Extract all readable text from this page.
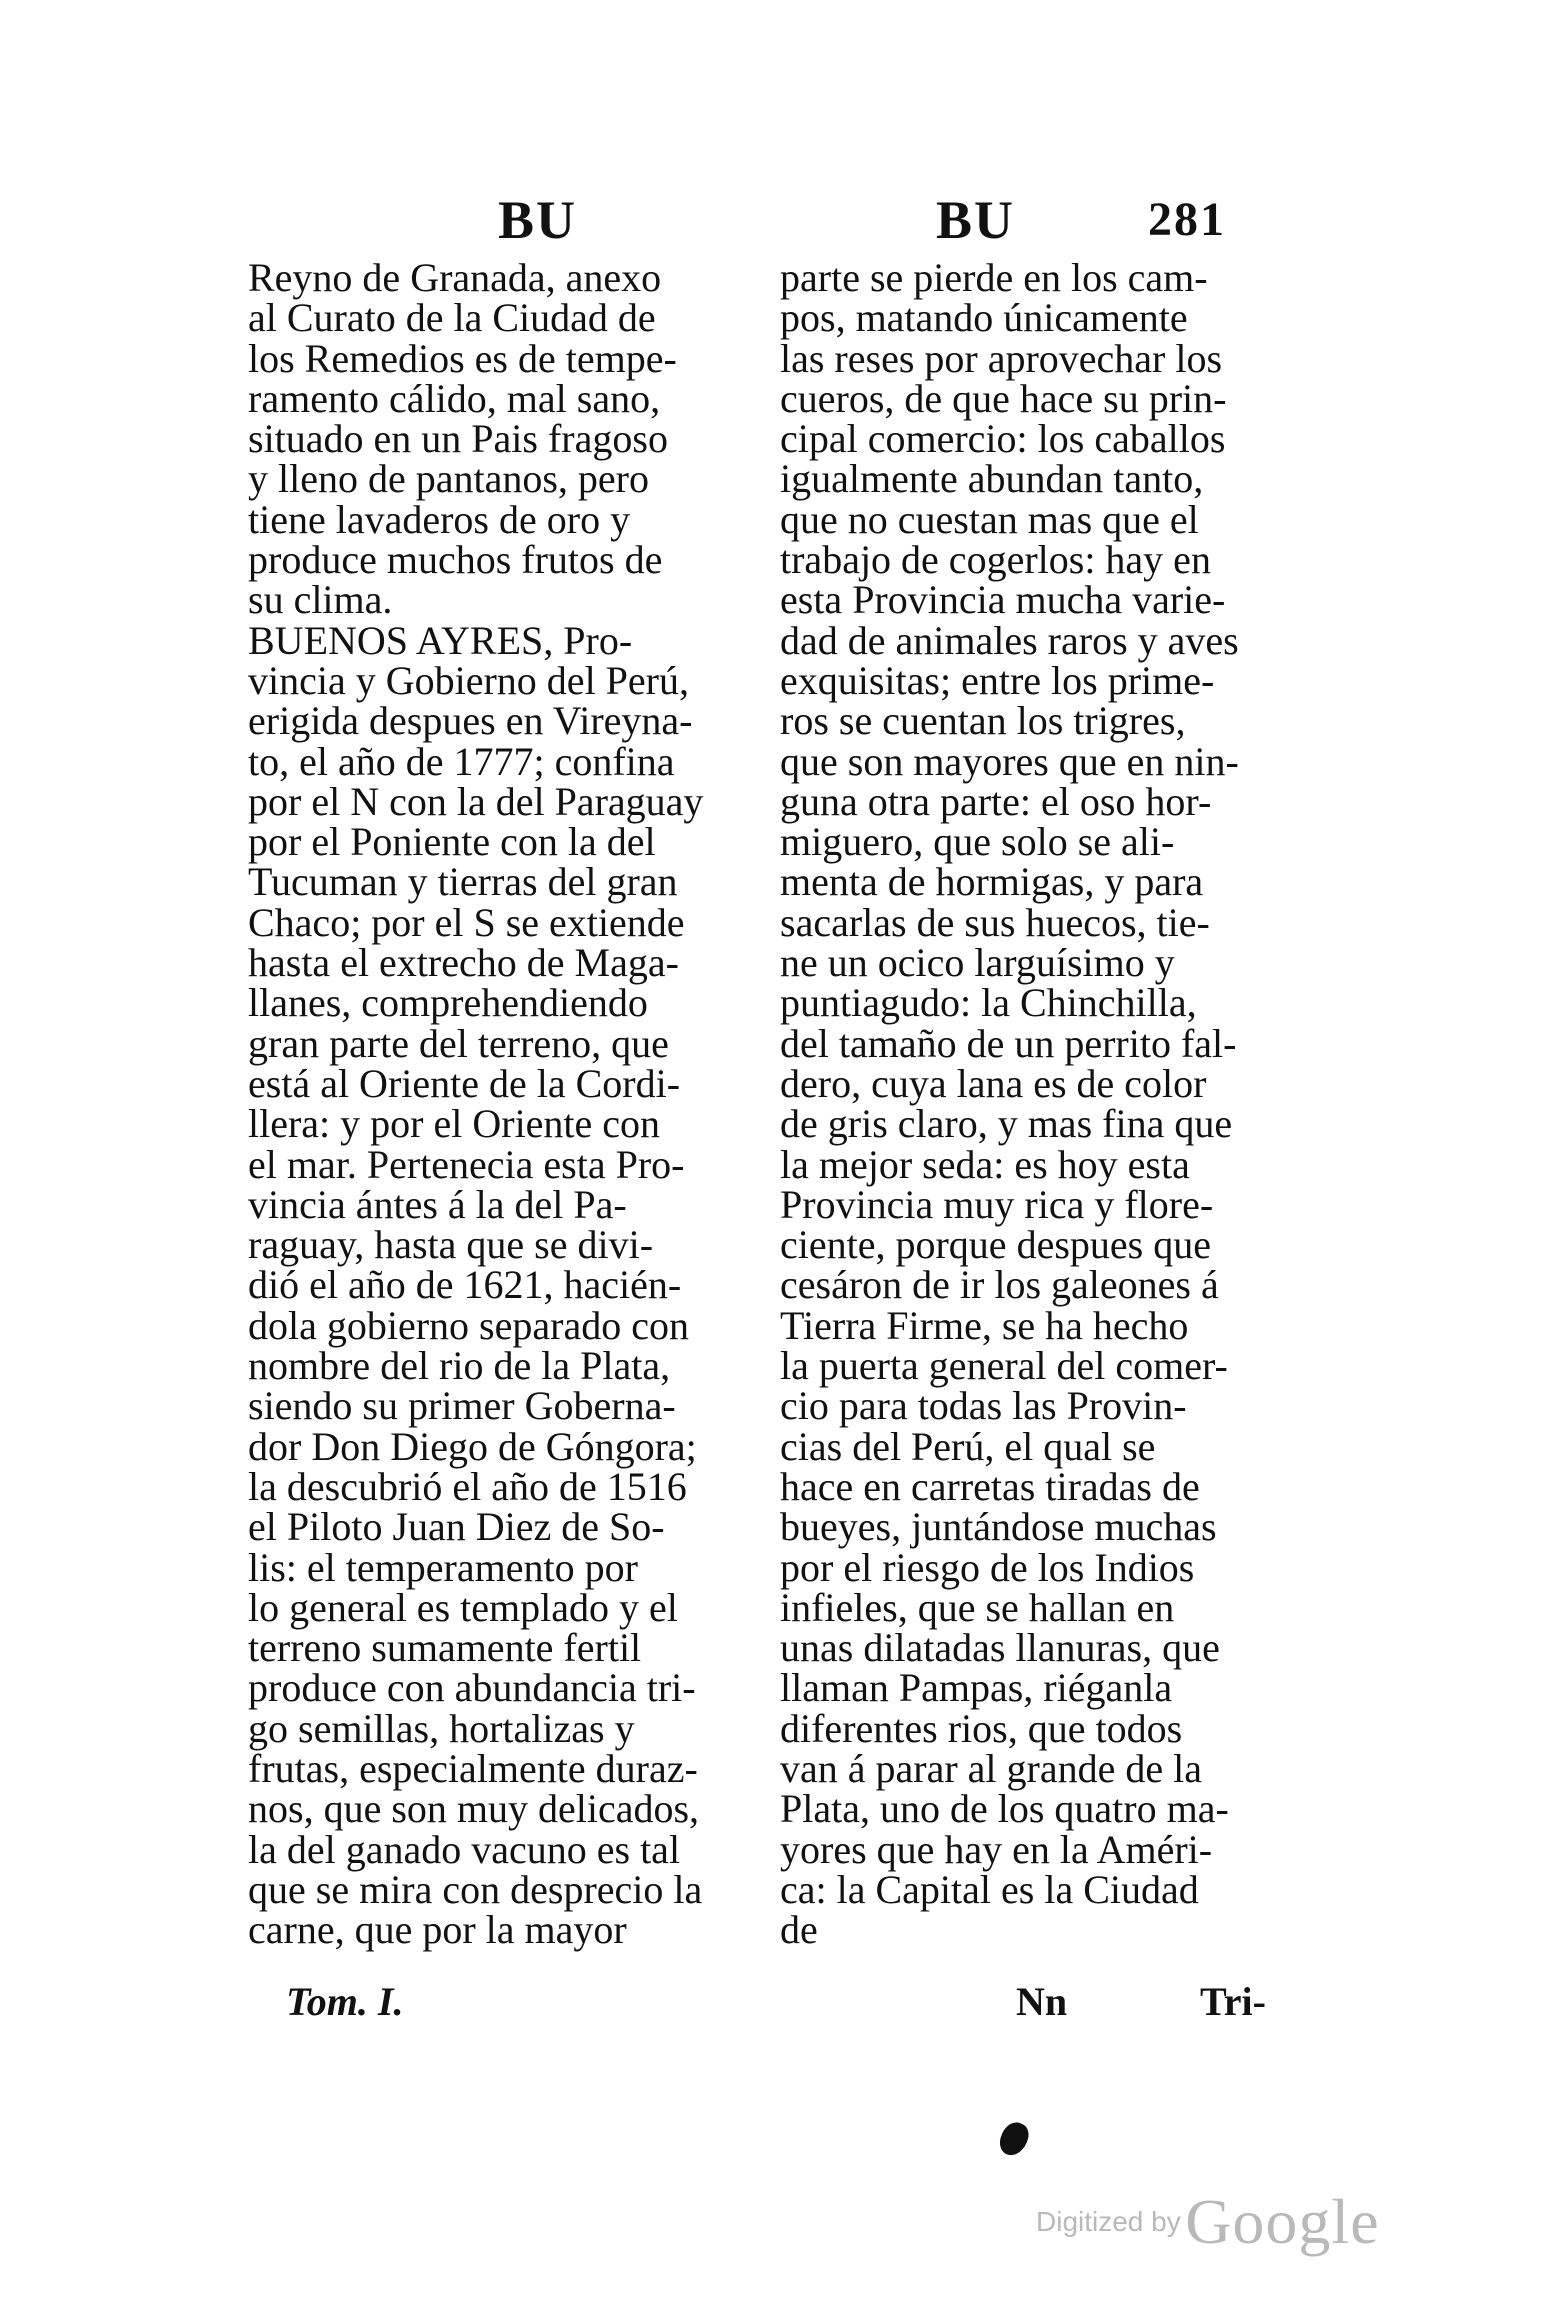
BU	BU	281
Reyno de Granada, anexo
al Curato de la Ciudad de
los Remedios es de tempe-
ramento cálido, mal sano,
situado en un Pais fragoso
y lleno de pantanos, pero
tiene lavaderos de oro y
produce muchos frutos de
su clima.
BUENOS AYRES, Pro-
vincia y Gobierno del Perú,
erigida despues en Vireyna-
to, el año de 1777; confina
por el N con la del Paraguay
por el Poniente con la del
Tucuman y tierras del gran
Chaco; por el S se extiende
hasta el extrecho de Maga-
llanes, comprehendiendo
gran parte del terreno, que
está al Oriente de la Cordi-
llera: y por el Oriente con
el mar. Pertenecia esta Pro-
vincia ántes á la del Pa-
raguay, hasta que se divi-
dió el año de 1621, hacién-
dola gobierno separado con
nombre del rio de la Plata,
siendo su primer Goberna-
dor Don Diego de Góngora;
la descubrió el año de 1516
el Piloto Juan Diez de So-
lis: el temperamento por
lo general es templado y el
terreno sumamente fertil
produce con abundancia tri-
go semillas, hortalizas y
frutas, especialmente duraz-
nos, que son muy delicados,
la del ganado vacuno es tal
que se mira con desprecio la
carne, que por la mayor
parte se pierde en los cam-
pos, matando únicamente
las reses por aprovechar los
cueros, de que hace su prin-
cipal comercio: los caballos
igualmente abundan tanto,
que no cuestan mas que el
trabajo de cogerlos: hay en
esta Provincia mucha varie-
dad de animales raros y aves
exquisitas; entre los prime-
ros se cuentan los trigres,
que son mayores que en nin-
guna otra parte: el oso hor-
miguero, que solo se ali-
menta de hormigas, y para
sacarlas de sus huecos, tie-
ne un ocico larguísimo y
puntiagudo: la Chinchilla,
del tamaño de un perrito fal-
dero, cuya lana es de color
de gris claro, y mas fina que
la mejor seda: es hoy esta
Provincia muy rica y flore-
ciente, porque despues que
cesáron de ir los galeones á
Tierra Firme, se ha hecho
la puerta general del comer-
cio para todas las Provin-
cias del Perú, el qual se
hace en carretas tiradas de
bueyes, juntándose muchas
por el riesgo de los Indios
infieles, que se hallan en
unas dilatadas llanuras, que
llaman Pampas, riéganla
diferentes rios, que todos
van á parar al grande de la
Plata, uno de los quatro ma-
yores que hay en la Améri-
ca: la Capital es la Ciudad
de
Tom. I.	Nn	Tri-
Digitized by Google
